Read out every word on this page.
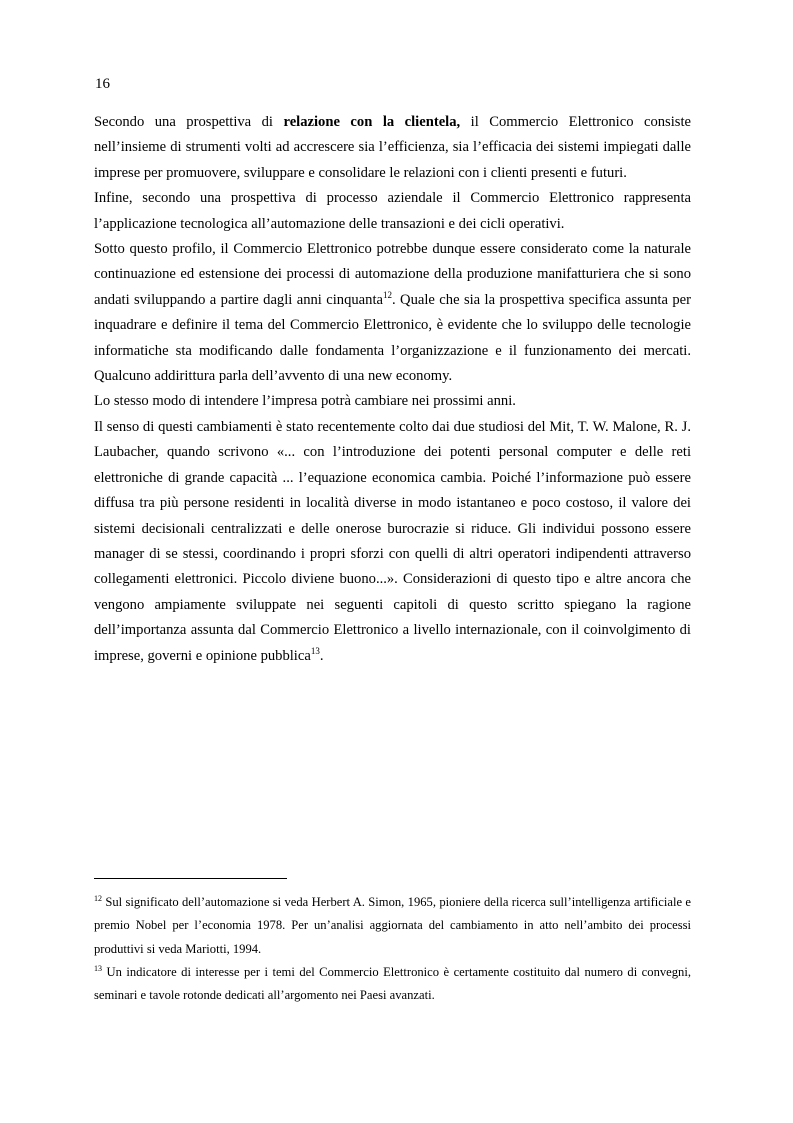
16

Secondo una prospettiva di relazione con la clientela, il Commercio Elettronico consiste nell’insieme di strumenti volti ad accrescere sia l’efficienza, sia l’efficacia dei sistemi impiegati dalle imprese per promuovere, sviluppare e consolidare le relazioni con i clienti presenti e futuri.

Infine, secondo una prospettiva di processo aziendale il Commercio Elettronico rappresenta l’applicazione tecnologica all’automazione delle transazioni e dei cicli operativi.

Sotto questo profilo, il Commercio Elettronico potrebbe dunque essere considerato come la naturale continuazione ed estensione dei processi di automazione della produzione manifatturiera che si sono andati sviluppando a partire dagli anni cinquanta$^{12}$. Quale che sia la prospettiva specifica assunta per inquadrare e definire il tema del Commercio Elettronico, è evidente che lo sviluppo delle tecnologie informatiche sta modificando dalle fondamenta l’organizzazione e il funzionamento dei mercati. Qualcuno addirittura parla dell’avvento di una new economy.

Lo stesso modo di intendere l’impresa potrà cambiare nei prossimi anni.

Il senso di questi cambiamenti è stato recentemente colto dai due studiosi del Mit, T. W. Malone, R. J. Laubacher, quando scrivono «... con l’introduzione dei potenti personal computer e delle reti elettroniche di grande capacità ... l’equazione economica cambia. Poiché l’informazione può essere diffusa tra più persone residenti in località diverse in modo istantaneo e poco costoso, il valore dei sistemi decisionali centralizzati e delle onerose burocrazie si riduce. Gli individui possono essere manager di se stessi, coordinando i propri sforzi con quelli di altri operatori indipendenti attraverso collegamenti elettronici. Piccolo diviene buono...». Considerazioni di questo tipo e altre ancora che vengono ampiamente sviluppate nei seguenti capitoli di questo scritto spiegano la ragione dell’importanza assunta dal Commercio Elettronico a livello internazionale, con il coinvolgimento di imprese, governi e opinione pubblica$^{13}$.

$^{12}$ Sul significato dell’automazione si veda Herbert A. Simon, 1965, pioniere della ricerca sull’intelligenza artificiale e premio Nobel per l’economia 1978. Per un’analisi aggiornata del cambiamento in atto nell’ambito dei processi produttivi si veda Mariotti, 1994.

$^{13}$ Un indicatore di interesse per i temi del Commercio Elettronico è certamente costituito dal numero di convegni, seminari e tavole rotonde dedicati all’argomento nei Paesi avanzati.
